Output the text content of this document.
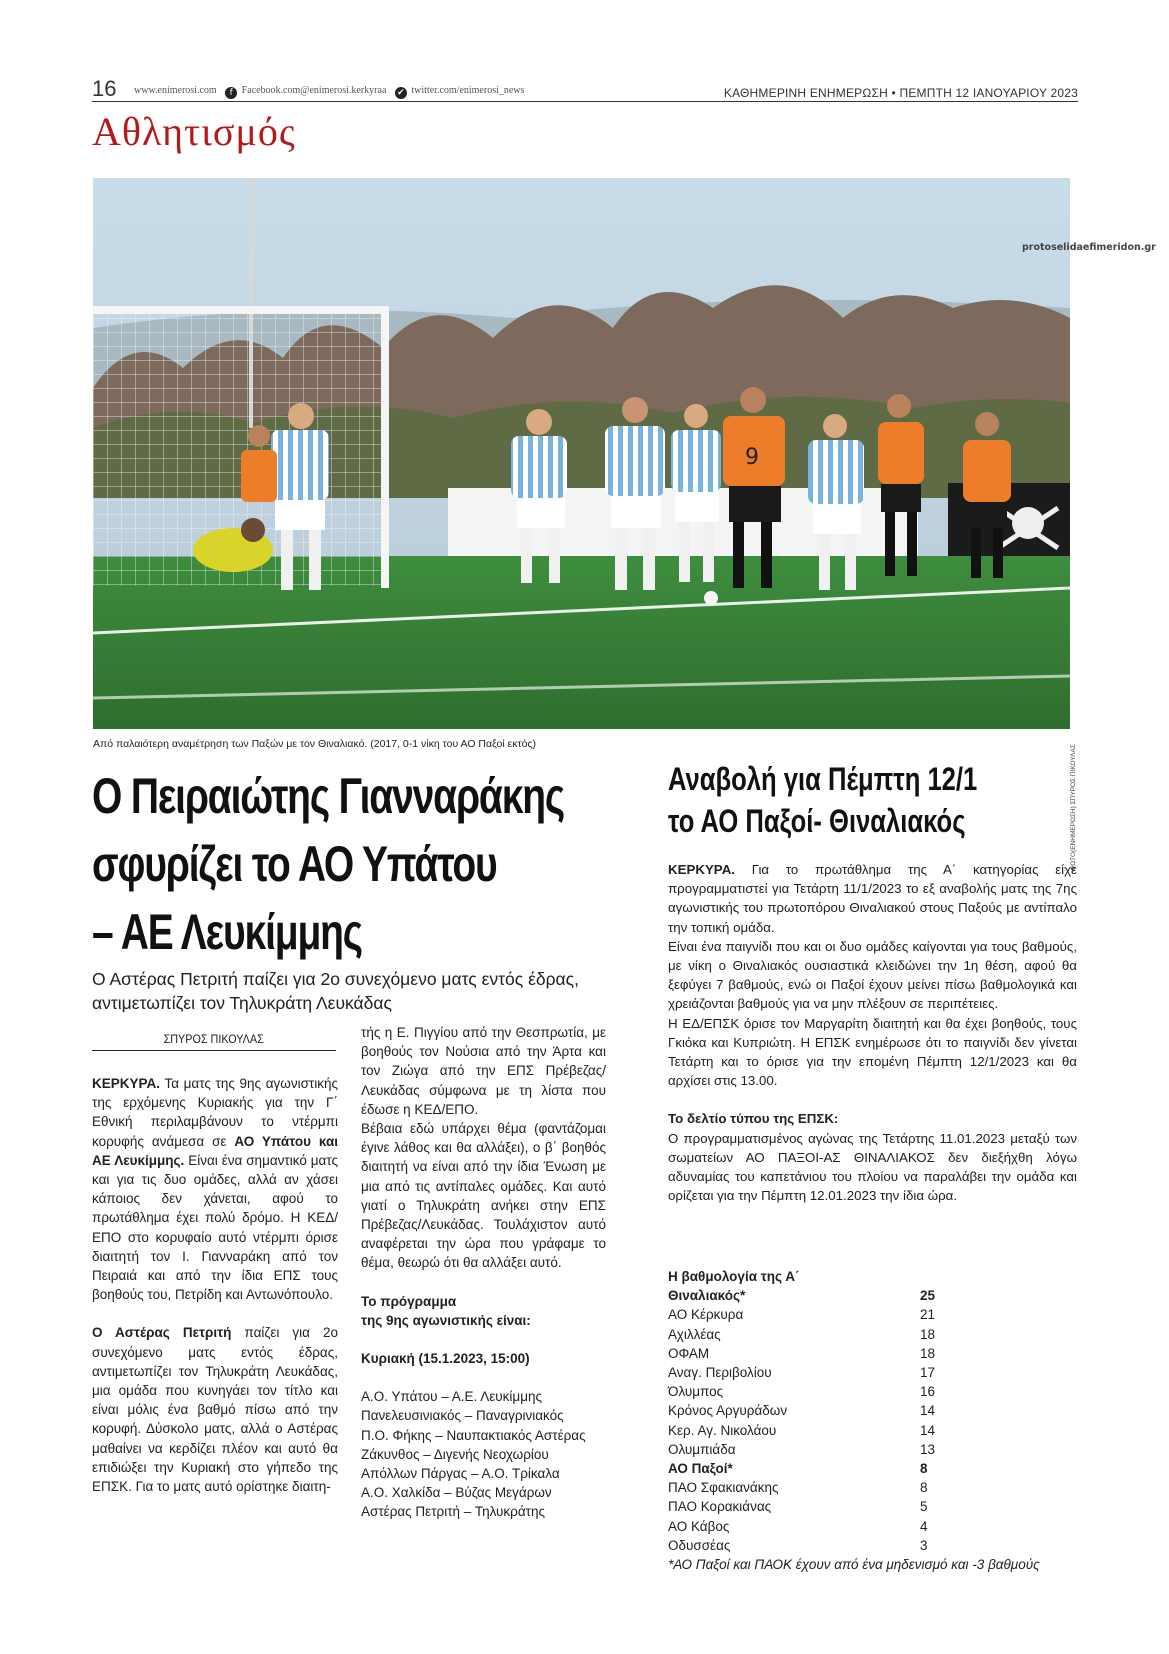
16 www.enimerosi.com f Facebook.com@enimerosi.kerkyraa ✔ twitter.com/enimerosi_news	ΚΑΘΗΜΕΡΙΝΗ ΕΝΗΜΕΡΩΣΗ • ΠΕΜΠΤΗ 12 ΙΑΝΟΥΑΡΙΟΥ 2023
Αθλητισμός
9
protoselidaefimeridon.gr
ΦΩΤΟ(ΕΝΗΜΕΡΩΣΗ) ΣΠΥΡΟΣ ΠΙΚΟΥΛΑΣ
Από παλαιότερη αναμέτρηση των Παξών με τον Θιναλιακό. (2017, 0-1 νίκη του ΑΟ Παξοί εκτός)
Ο Πειραιώτης Γιανναράκης
σφυρίζει το ΑΟ Υπάτου
– ΑΕ Λευκίμμης
Ο Αστέρας Πετριτή παίζει για 2ο συνεχόμενο ματς εντός έδρας, αντιμετωπίζει τον Τηλυκράτη Λευκάδας
ΣΠΥΡΟΣ ΠΙΚΟΥΛΑΣ

ΚΕΡΚΥΡΑ. Τα ματς της 9ης αγωνιστικής της ερχόμενης Κυριακής για την Γ΄ Εθνική περιλαμβάνουν το ντέρμπι κορυφής ανάμεσα σε ΑΟ Υπάτου και ΑΕ Λευκίμμης. Είναι ένα σημαντικό ματς και για τις δυο ομάδες, αλλά αν χάσει κάποιος δεν χάνεται, αφού το πρωτάθλημα έχει πολύ δρόμο. Η ΚΕΔ/ΕΠΟ στο κορυφαίο αυτό ντέρμπι όρισε διαιτητή τον Ι. Γιανναράκη από τον Πειραιά και από την ίδια ΕΠΣ τους βοηθούς του, Πετρίδη και Αντωνόπουλο.

Ο Αστέρας Πετριτή παίζει για 2ο συνεχόμενο ματς εντός έδρας, αντιμετωπίζει τον Τηλυκράτη Λευκάδας, μια ομάδα που κυνηγάει τον τίτλο και είναι μόλις ένα βαθμό πίσω από την κορυφή. Δύσκολο ματς, αλλά ο Αστέρας μαθαίνει να κερδίζει πλέον και αυτό θα επιδιώξει την Κυριακή στο γήπεδο της ΕΠΣΚ. Για το ματς αυτό ορίστηκε διαιτη-

τής η Ε. Πιγγίου από την Θεσπρωτία, με βοηθούς τον Νούσια από την Άρτα και τον Ζιώγα από την ΕΠΣ Πρέβεζας/Λευκάδας σύμφωνα με τη λίστα που έδωσε η ΚΕΔ/ΕΠΟ.

Βέβαια εδώ υπάρχει θέμα (φαντάζομαι έγινε λάθος και θα αλλάξει), ο β΄ βοηθός διαιτητή να είναι από την ίδια Ένωση με μια από τις αντίπαλες ομάδες. Και αυτό γιατί ο Τηλυκράτη ανήκει στην ΕΠΣ Πρέβεζας/Λευκάδας. Τουλάχιστον αυτό αναφέρεται την ώρα που γράφαμε το θέμα, θεωρώ ότι θα αλλάξει αυτό.

Το πρόγραμμα

της 9ης αγωνιστικής είναι:

Κυριακή (15.1.2023, 15:00)

Α.Ο. Υπάτου – Α.Ε. Λευκίμμης

Πανελευσινιακός – Παναγρινιακός

Π.Ο. Φήκης – Ναυπακτιακός Αστέρας

Ζάκυνθος – Διγενής Νεοχωρίου

Απόλλων Πάργας – Α.Ο. Τρίκαλα

Α.Ο. Χαλκίδα – Βύζας Μεγάρων

Αστέρας Πετριτή – Τηλυκράτης

Αναβολή για Πέμπτη 12/1
το ΑΟ Παξοί- Θιναλιακός

ΚΕΡΚΥΡΑ. Για το πρωτάθλημα της Α΄ κατηγορίας είχε προγραμματιστεί για Τετάρτη 11/1/2023 το εξ αναβολής ματς της 7ης αγωνιστικής του πρωτοπόρου Θιναλιακού στους Παξούς με αντίπαλο την τοπική ομάδα.

Είναι ένα παιγνίδι που και οι δυο ομάδες καίγονται για τους βαθμούς, με νίκη ο Θιναλιακός ουσιαστικά κλειδώνει την 1η θέση, αφού θα ξεφύγει 7 βαθμούς, ενώ οι Παξοί έχουν μείνει πίσω βαθμολογικά και χρειάζονται βαθμούς για να μην πλέξουν σε περιπέτειες.

Η ΕΔ/ΕΠΣΚ όρισε τον Μαργαρίτη διαιτητή και θα έχει βοηθούς, τους Γκιόκα και Κυπριώτη. Η ΕΠΣΚ ενημέρωσε ότι το παιγνίδι δεν γίνεται Τετάρτη και το όρισε για την επομένη Πέμπτη 12/1/2023 και θα αρχίσει στις 13.00.

Το δελτίο τύπου της ΕΠΣΚ:

Ο προγραμματισμένος αγώνας της Τετάρτης 11.01.2023 μεταξύ των σωματείων ΑΟ ΠΑΞΟΙ-ΑΣ ΘΙΝΑΛΙΑΚΟΣ δεν διεξήχθη λόγω αδυναμίας του καπετάνιου του πλοίου να παραλάβει την ομάδα και ορίζεται για την Πέμπτη 12.01.2023 την ίδια ώρα.

Η βαθμολογία της Α΄
Θιναλιακός*	25
ΑΟ Κέρκυρα	21
Αχιλλέας	18
ΟΦΑΜ	18
Αναγ. Περιβολίου	17
Όλυμπος	16
Κρόνος Αργυράδων	14
Κερ. Αγ. Νικολάου	14
Ολυμπιάδα	13
ΑΟ Παξοί*	8
ΠΑΟ Σφακιανάκης	8
ΠΑΟ Κορακιάνας	5
ΑΟ Κάβος	4
Οδυσσέας	3
*ΑΟ Παξοί και ΠΑΟΚ έχουν από ένα μηδενισμό και -3 βαθμούς
